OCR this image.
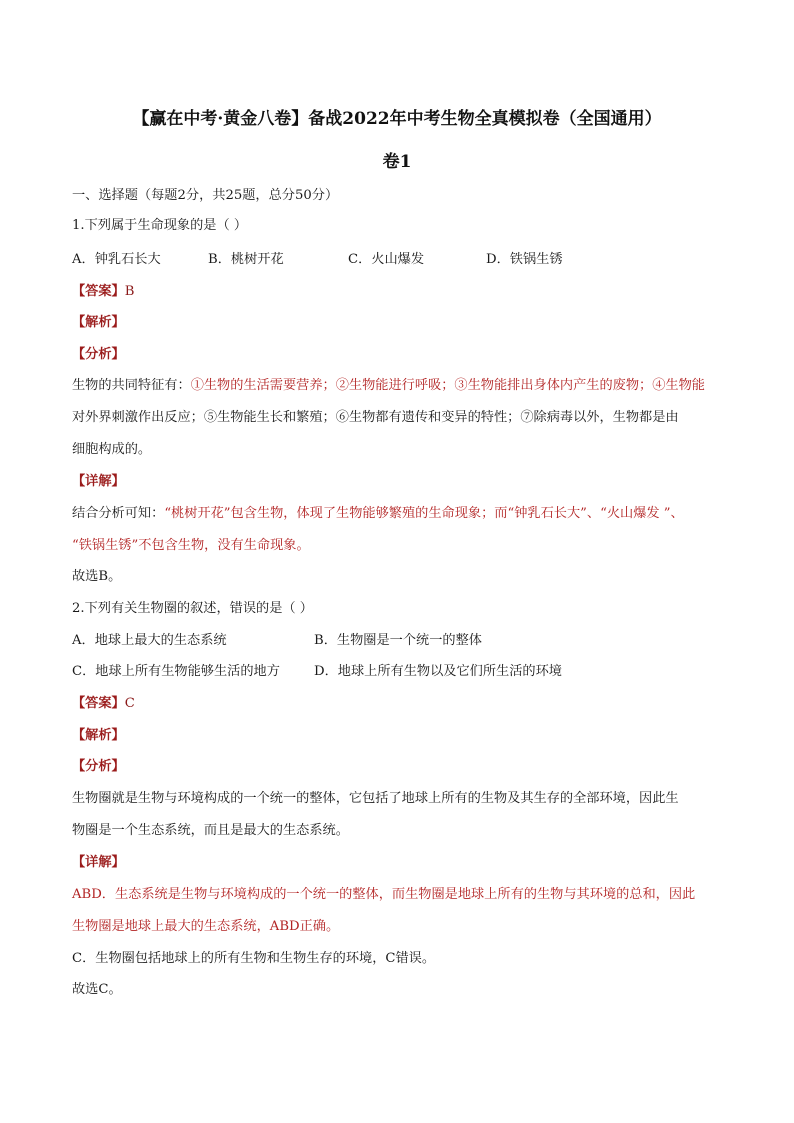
【赢在中考·黄金八卷】备战2022年中考生物全真模拟卷（全国通用）
卷1
一、选择题（每题2分，共25题，总分50分）
1.下列属于生命现象的是（ ）
A．钟乳石长大	B．桃树开花	C．火山爆发	D．铁锅生锈
【答案】B
【解析】
【分析】
生物的共同特征有：①生物的生活需要营养；②生物能进行呼吸；③生物能排出身体内产生的废物；④生物能
对外界刺激作出反应；⑤生物能生长和繁殖；⑥生物都有遗传和变异的特性；⑦除病毒以外，生物都是由
细胞构成的。
【详解】
结合分析可知：“桃树开花”包含生物，体现了生物能够繁殖的生命现象；而“钟乳石长大”、“火山爆发 ”、
“铁锅生锈”不包含生物，没有生命现象。
故选B。
2.下列有关生物圈的叙述，错误的是（ ）
A．地球上最大的生态系统	B．生物圈是一个统一的整体
C．地球上所有生物能够生活的地方	D．地球上所有生物以及它们所生活的环境
【答案】C
【解析】
【分析】
生物圈就是生物与环境构成的一个统一的整体，它包括了地球上所有的生物及其生存的全部环境，因此生
物圈是一个生态系统，而且是最大的生态系统。
【详解】
ABD．生态系统是生物与环境构成的一个统一的整体，而生物圈是地球上所有的生物与其环境的总和，因此
生物圈是地球上最大的生态系统，ABD正确。
C．生物圈包括地球上的所有生物和生物生存的环境，C错误。
故选C。
